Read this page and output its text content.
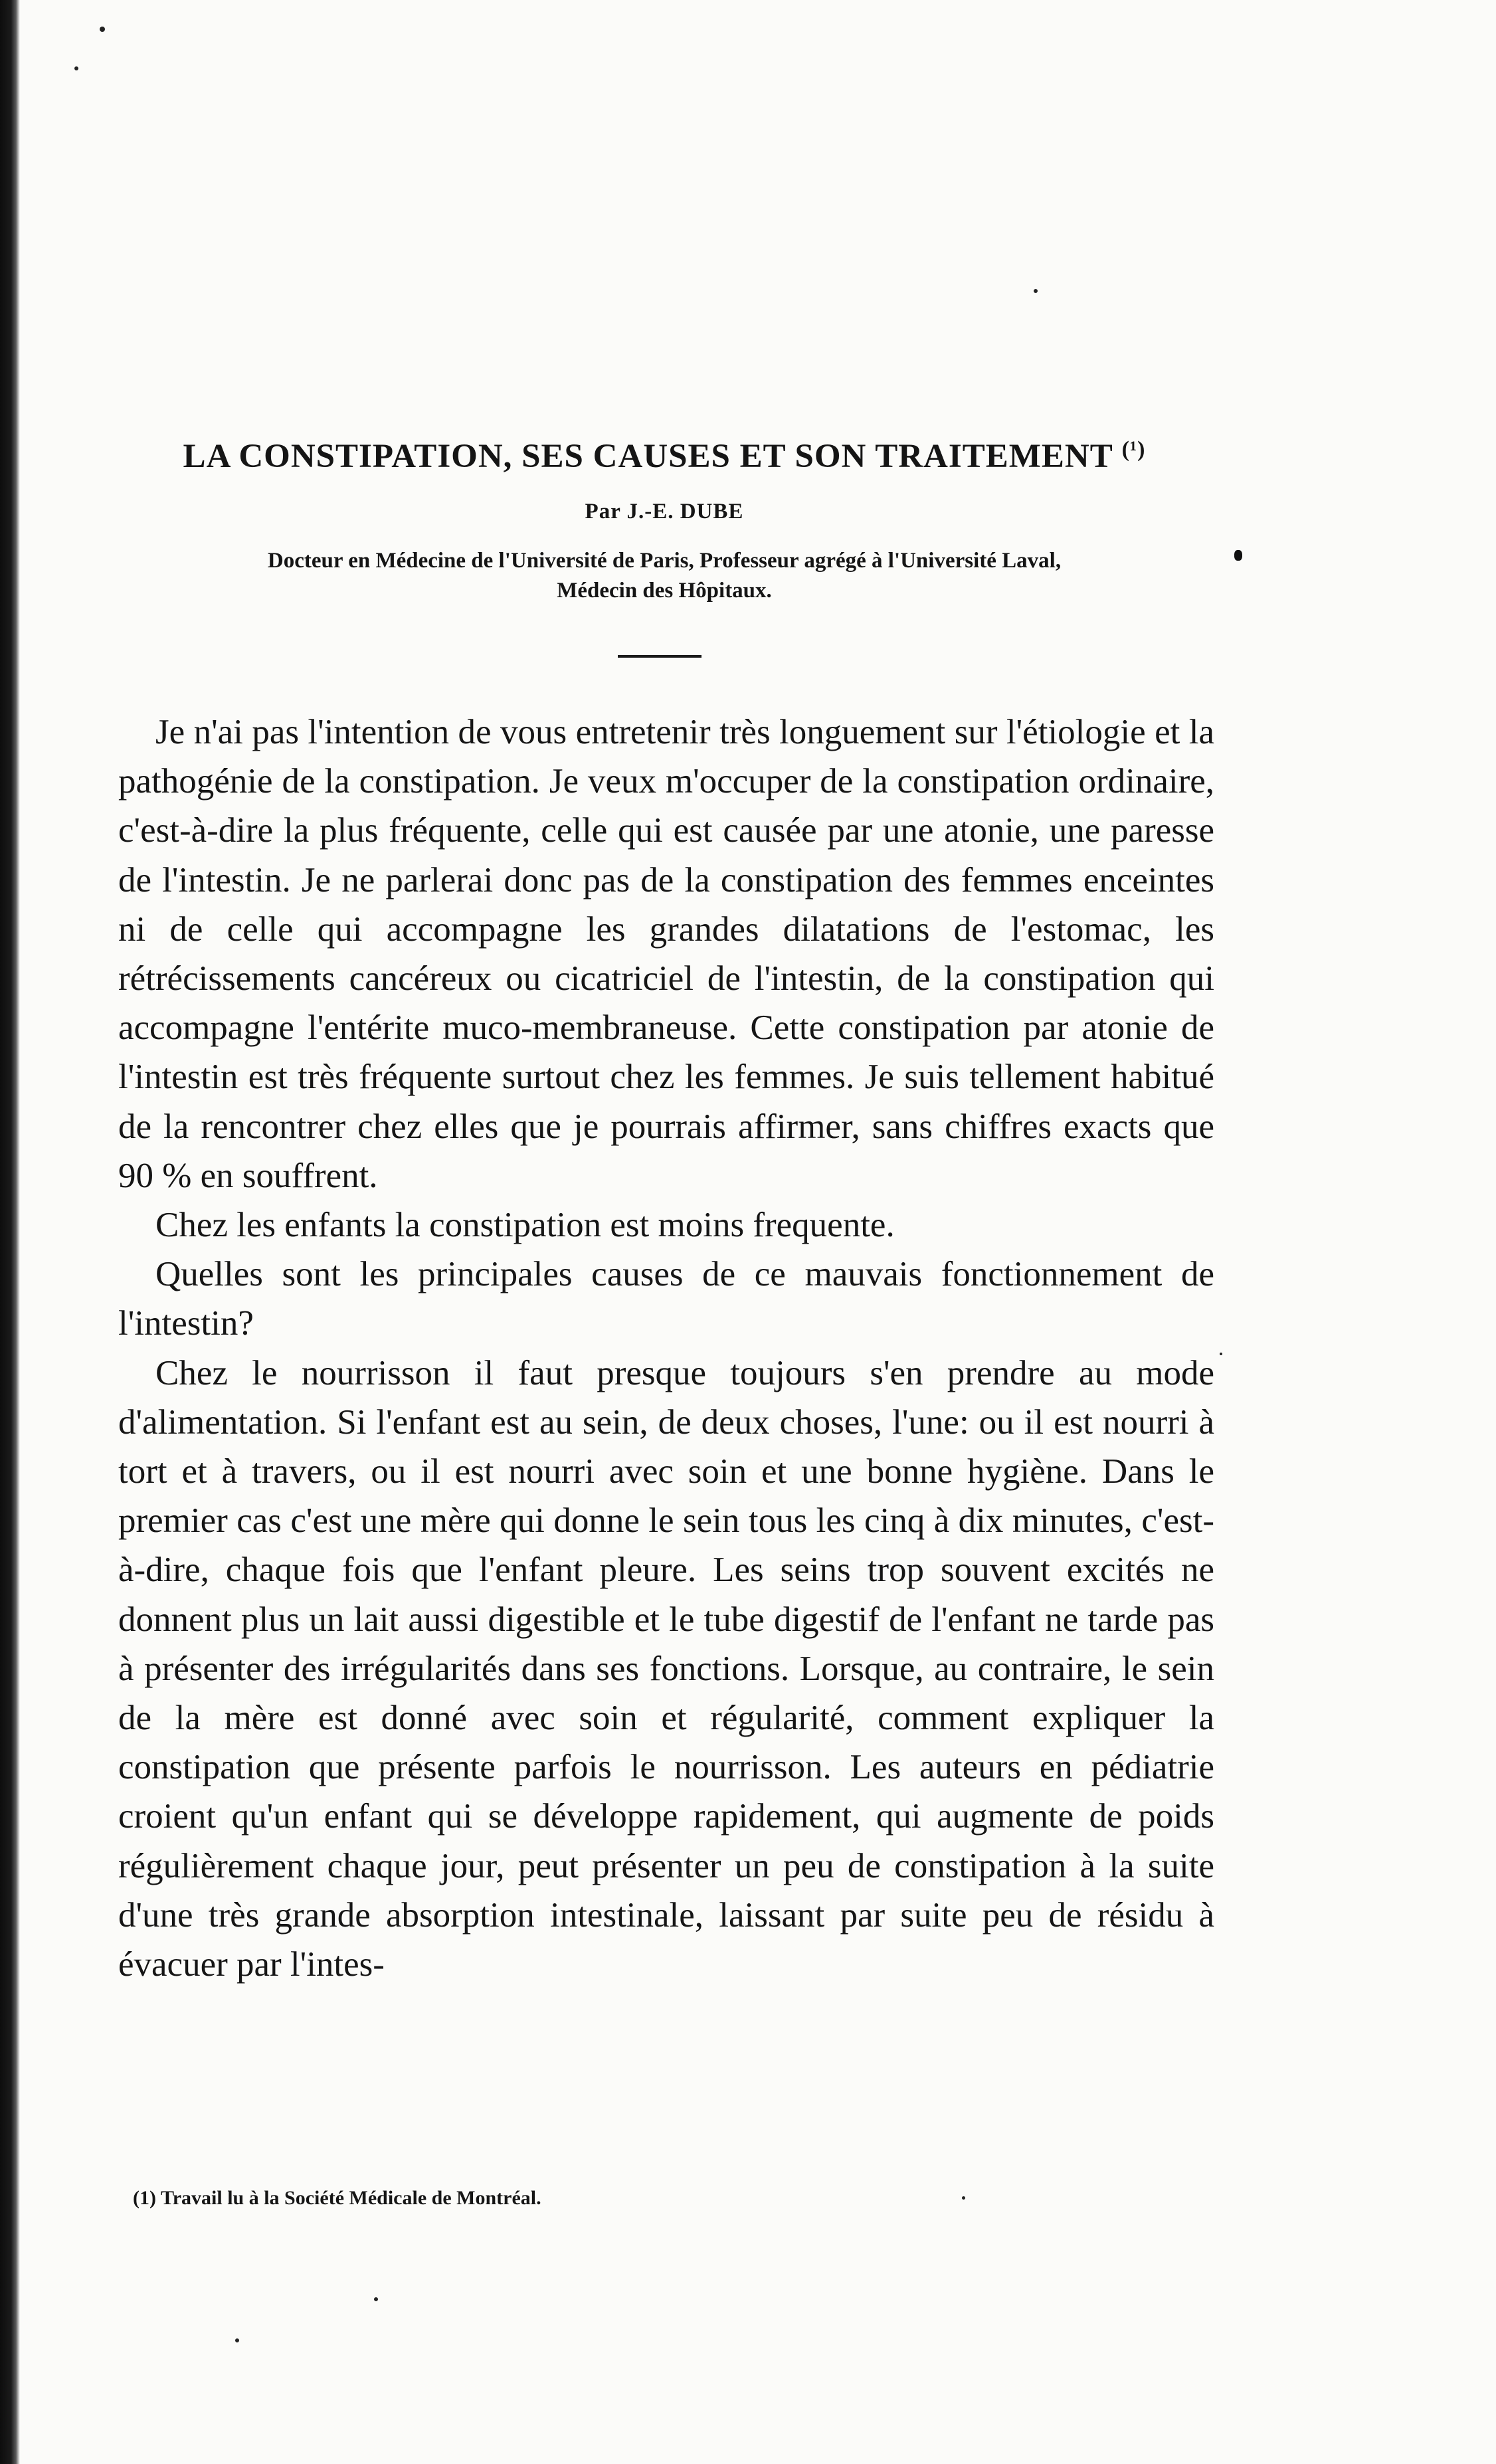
LA CONSTIPATION, SES CAUSES ET SON TRAITEMENT $^{(^1)}$
Par J.-E. DUBE
Docteur en Médecine de l'Université de Paris, Professeur agrégé à l'Université Laval,
Médecin des Hôpitaux.

Je n'ai pas l'intention de vous entretenir très longuement sur l'étiologie et la pathogénie de la constipation. Je veux m'occuper de la constipation ordinaire, c'est-à-dire la plus fréquente, celle qui est causée par une atonie, une paresse de l'intestin. Je ne parlerai donc pas de la constipation des femmes enceintes ni de celle qui accompagne les grandes dilatations de l'estomac, les rétrécissements cancéreux ou cicatriciel de l'intestin, de la constipation qui accompagne l'entérite muco-membraneuse. Cette constipation par atonie de l'intestin est très fréquente surtout chez les femmes. Je suis tellement habitué de la rencontrer chez elles que je pourrais affirmer, sans chiffres exacts que 90 % en souffrent.

Chez les enfants la constipation est moins frequente.

Quelles sont les principales causes de ce mauvais fonctionnement de l'intestin?

Chez le nourrisson il faut presque toujours s'en prendre au mode d'alimentation. Si l'enfant est au sein, de deux choses, l'une: ou il est nourri à tort et à travers, ou il est nourri avec soin et une bonne hygiène. Dans le premier cas c'est une mère qui donne le sein tous les cinq à dix minutes, c'est-à-dire, chaque fois que l'enfant pleure. Les seins trop souvent excités ne donnent plus un lait aussi digestible et le tube digestif de l'enfant ne tarde pas à présenter des irrégularités dans ses fonctions. Lorsque, au contraire, le sein de la mère est donné avec soin et régularité, comment expliquer la constipation que présente parfois le nourrisson. Les auteurs en pédiatrie croient qu'un enfant qui se développe rapidement, qui augmente de poids régulièrement chaque jour, peut présenter un peu de constipation à la suite d'une très grande absorption intestinale, laissant par suite peu de résidu à évacuer par l'intes-

(1) Travail lu à la Société Médicale de Montréal.
